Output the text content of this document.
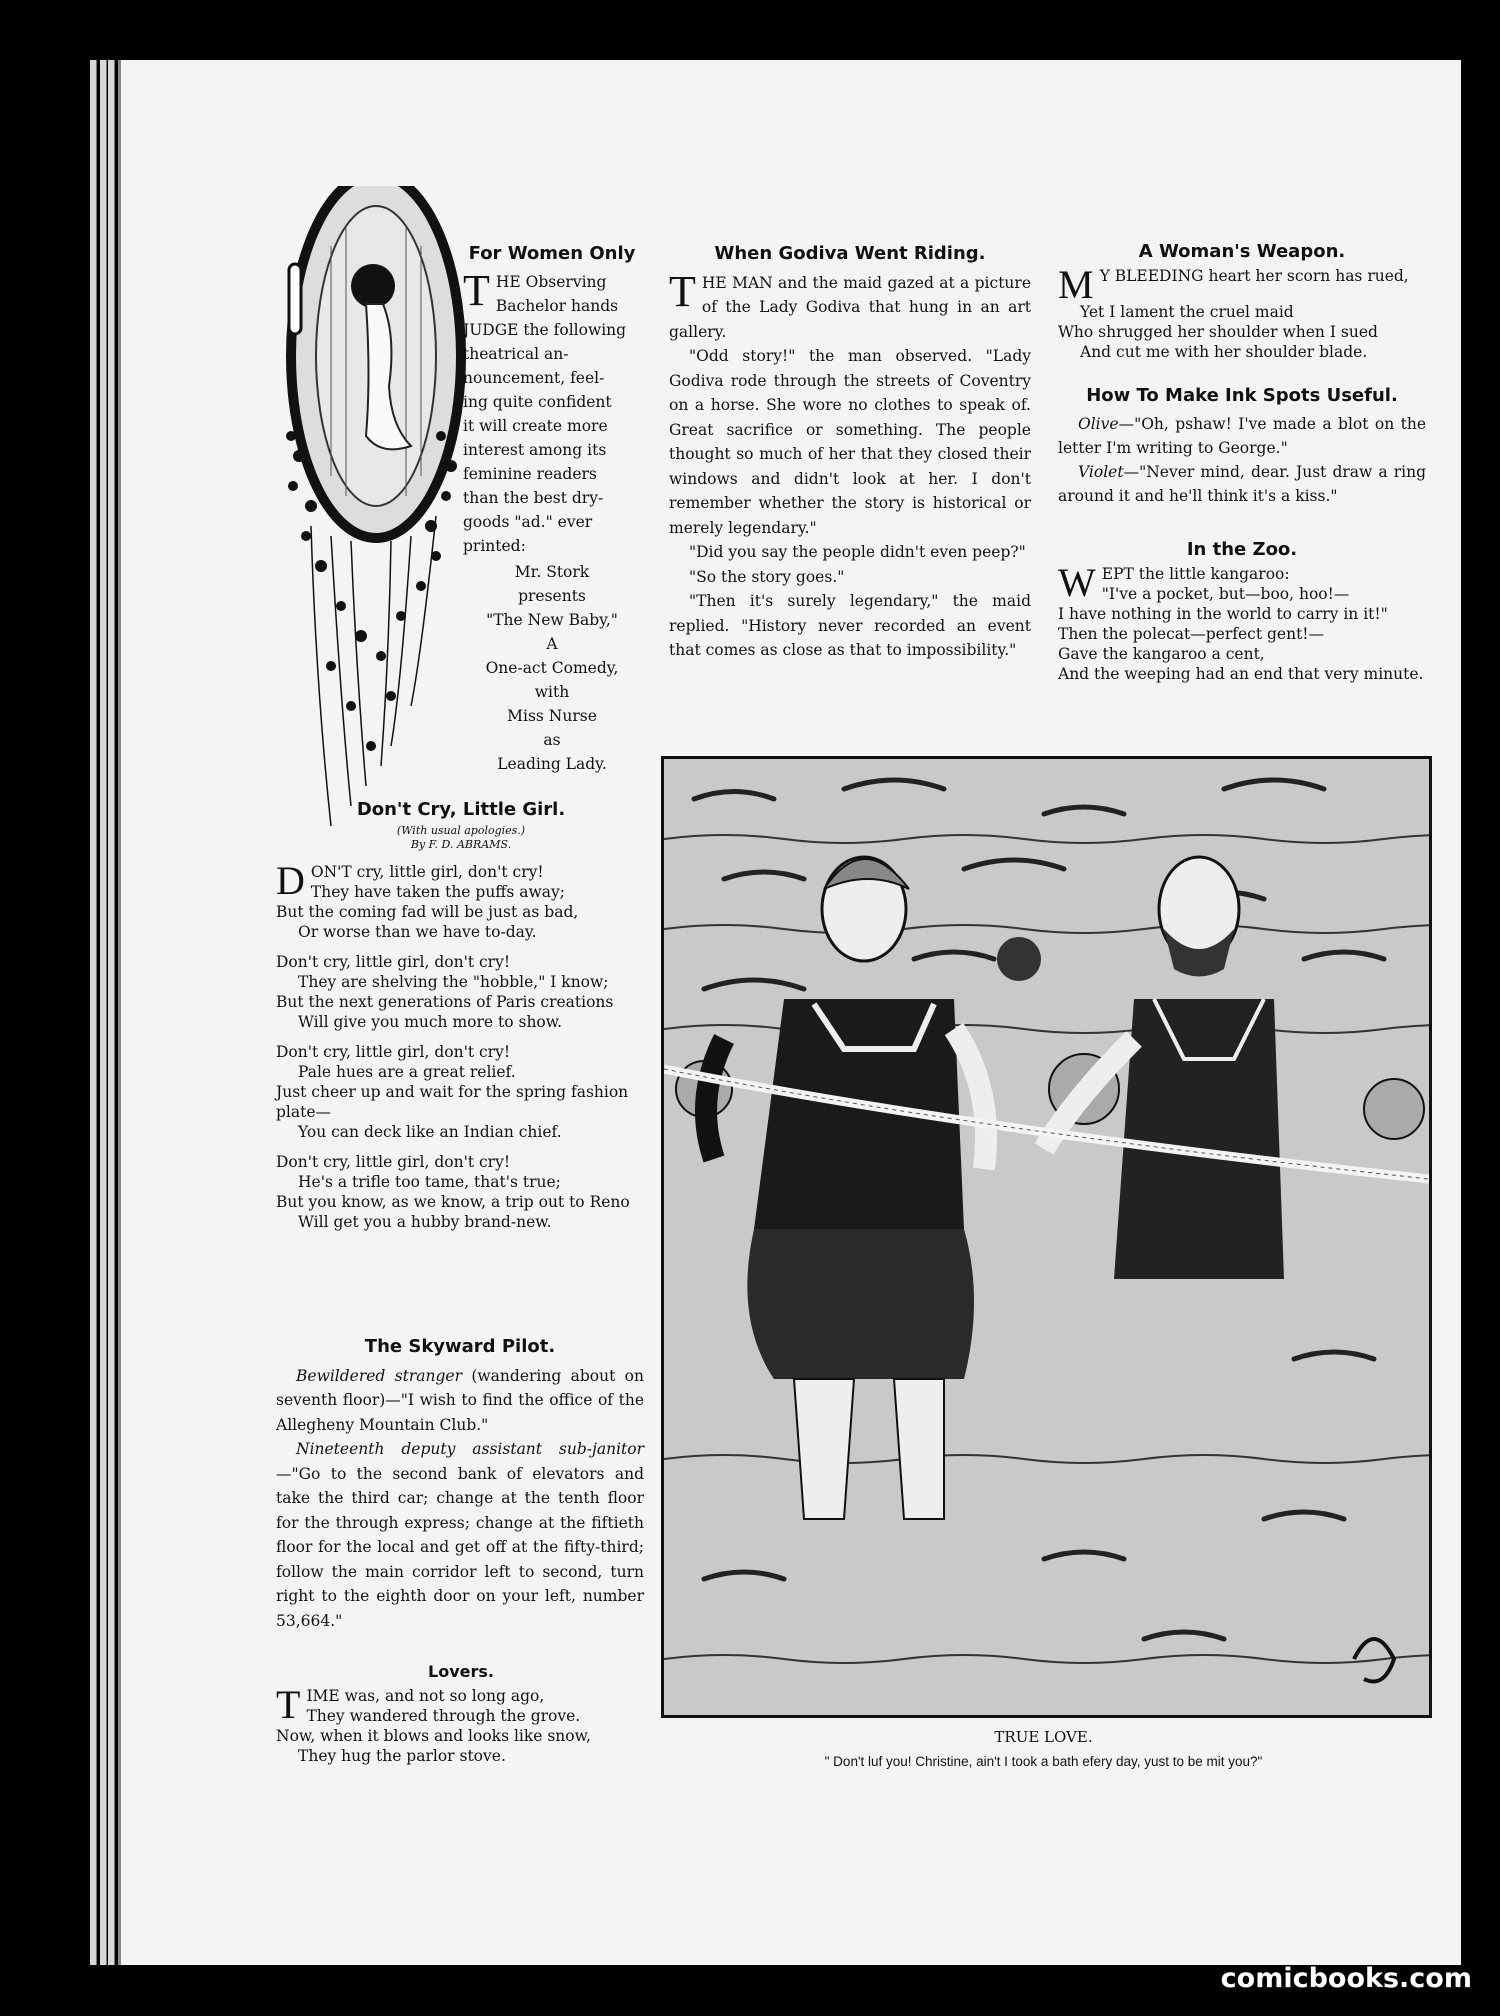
For Women Only
T HE Observing

Bachelor hands

JUDGE the following

theatrical an-

nouncement, feel-

ing quite confident

it will create more

interest among its

feminine readers

than the best dry-

goods "ad." ever

printed:

Mr. Stork
presents
"The New Baby,"
A
One-act Comedy,
with
Miss Nurse
as
Leading Lady.
Don't Cry, Little Girl.
(With usual apologies.)
By F. D. ABRAMS.
D ON'T cry, little girl, don't cry!

They have taken the puffs away;

But the coming fad will be just as bad,

Or worse than we have to-day.

Don't cry, little girl, don't cry!

They are shelving the "hobble," I know;

But the next generations of Paris creations

Will give you much more to show.

Don't cry, little girl, don't cry!

Pale hues are a great relief.

Just cheer up and wait for the spring fashion plate—

You can deck like an Indian chief.

Don't cry, little girl, don't cry!

He's a trifle too tame, that's true;

But you know, as we know, a trip out to Reno

Will get you a hubby brand-new.

The Skyward Pilot.

Bewildered stranger (wandering about on seventh floor)—"I wish to find the office of the Allegheny Mountain Club."

Nineteenth deputy assistant sub-janitor —"Go to the second bank of elevators and take the third car; change at the tenth floor for the through express; change at the fiftieth floor for the local and get off at the fifty-third; follow the main corridor left to second, turn right to the eighth door on your left, number 53,664."

Lovers.
T IME was, and not so long ago,

They wandered through the grove.

Now, when it blows and looks like snow,

They hug the parlor stove.

When Godiva Went Riding.
T HE MAN and the maid gazed at a picture of the Lady Godiva that hung in an art gallery.

"Odd story!" the man observed. "Lady Godiva rode through the streets of Coventry on a horse. She wore no clothes to speak of. Great sacrifice or something. The people thought so much of her that they closed their windows and didn't look at her. I don't remember whether the story is historical or merely legendary."

"Did you say the people didn't even peep?"

"So the story goes."

"Then it's surely legendary," the maid replied. "History never recorded an event that comes as close as that to impossibility."

A Woman's Weapon.
M Y BLEEDING heart her scorn has rued,

Yet I lament the cruel maid

Who shrugged her shoulder when I sued

And cut me with her shoulder blade.

How To Make Ink Spots Useful.

Olive—"Oh, pshaw! I've made a blot on the letter I'm writing to George."

Violet—"Never mind, dear. Just draw a ring around it and he'll think it's a kiss."

In the Zoo.
W EPT the little kangaroo:

"I've a pocket, but—boo, hoo!—

I have nothing in the world to carry in it!"

Then the polecat—perfect gent!—

Gave the kangaroo a cent,

And the weeping had an end that very minute.

TRUE LOVE.
" Don't luf you! Christine, ain't I took a bath efery day, yust to be mit you?"
comicbooks.com
